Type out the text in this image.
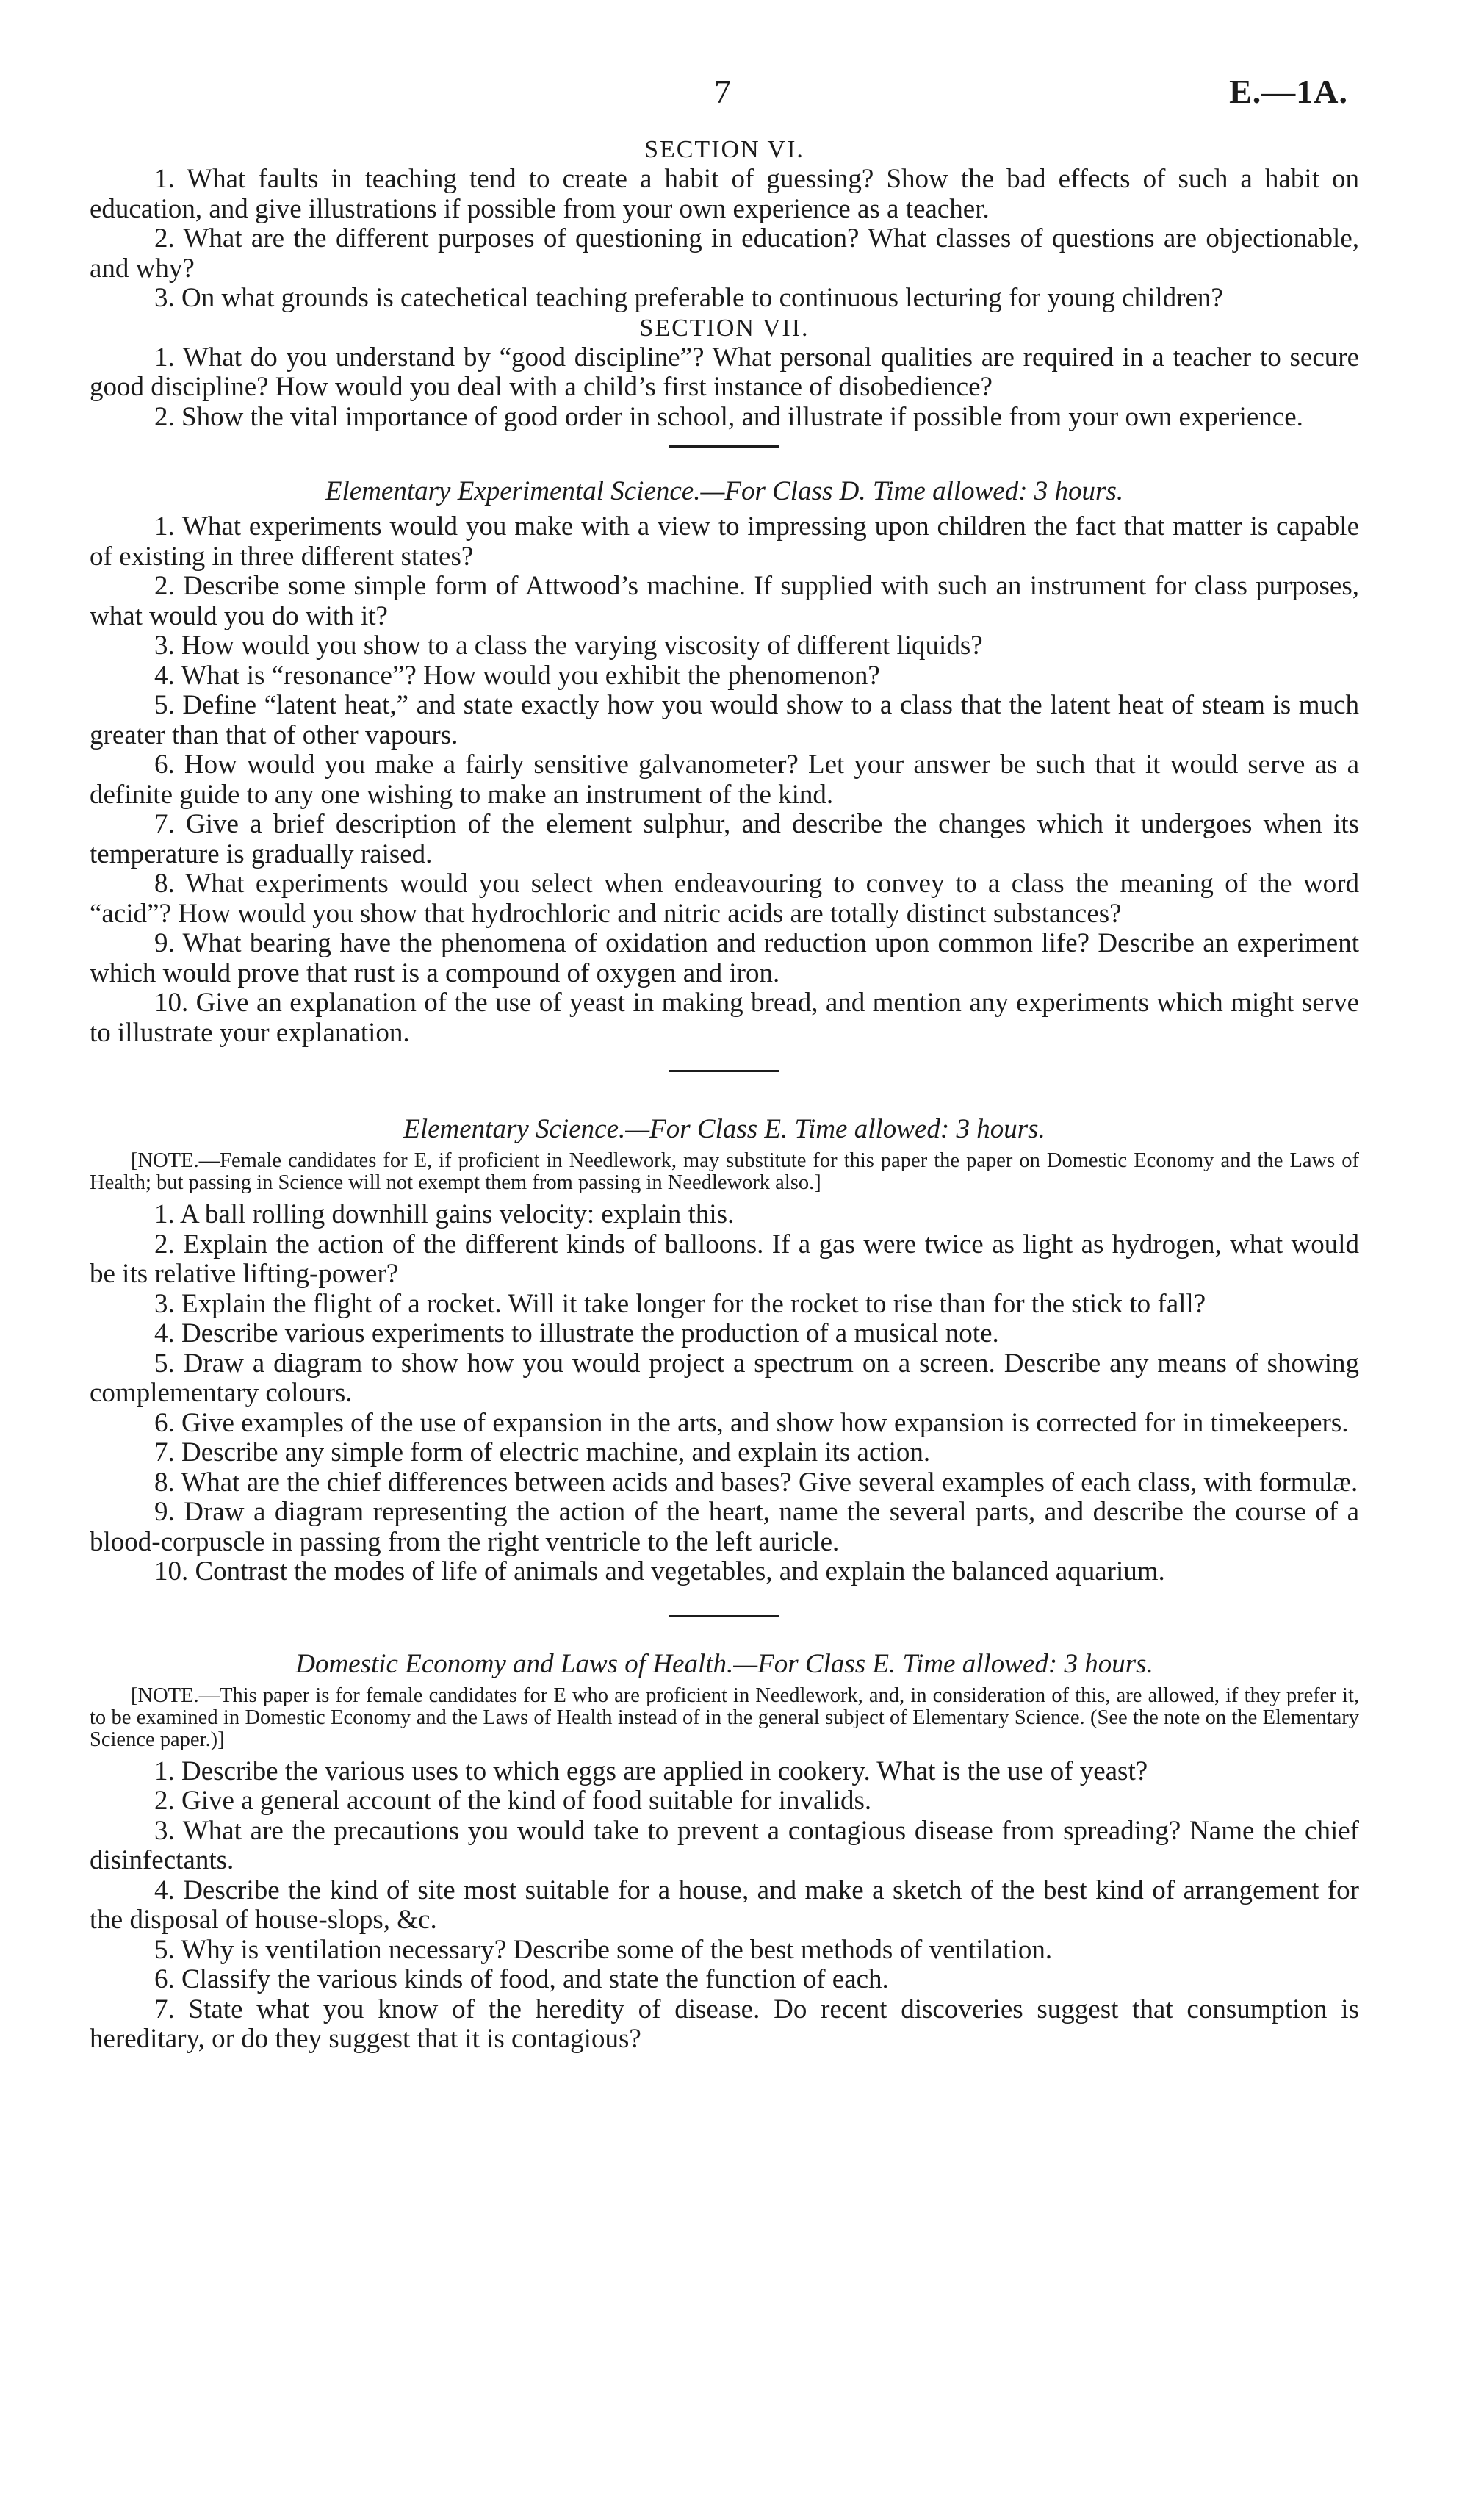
7	E.—1A.

SECTION VI.

1. What faults in teaching tend to create a habit of guessing? Show the bad effects of such a habit on education, and give illustrations if possible from your own experience as a teacher.

2. What are the different purposes of questioning in education? What classes of questions are objectionable, and why?

3. On what grounds is catechetical teaching preferable to continuous lecturing for young children?

SECTION VII.

1. What do you understand by “good discipline”? What personal qualities are required in a teacher to secure good discipline? How would you deal with a child’s first instance of disobedience?

2. Show the vital importance of good order in school, and illustrate if possible from your own experience.

Elementary Experimental Science.—For Class D. Time allowed: 3 hours.

1. What experiments would you make with a view to impressing upon children the fact that matter is capable of existing in three different states?

2. Describe some simple form of Attwood’s machine. If supplied with such an instrument for class purposes, what would you do with it?

3. How would you show to a class the varying viscosity of different liquids?

4. What is “resonance”? How would you exhibit the phenomenon?

5. Define “latent heat,” and state exactly how you would show to a class that the latent heat of steam is much greater than that of other vapours.

6. How would you make a fairly sensitive galvanometer? Let your answer be such that it would serve as a definite guide to any one wishing to make an instrument of the kind.

7. Give a brief description of the element sulphur, and describe the changes which it undergoes when its temperature is gradually raised.

8. What experiments would you select when endeavouring to convey to a class the meaning of the word “acid”? How would you show that hydrochloric and nitric acids are totally distinct substances?

9. What bearing have the phenomena of oxidation and reduction upon common life? Describe an experiment which would prove that rust is a compound of oxygen and iron.

10. Give an explanation of the use of yeast in making bread, and mention any experiments which might serve to illustrate your explanation.

Elementary Science.—For Class E. Time allowed: 3 hours.

[NOTE.—Female candidates for E, if proficient in Needlework, may substitute for this paper the paper on Domestic Economy and the Laws of Health; but passing in Science will not exempt them from passing in Needlework also.]

1. A ball rolling downhill gains velocity: explain this.

2. Explain the action of the different kinds of balloons. If a gas were twice as light as hydrogen, what would be its relative lifting-power?

3. Explain the flight of a rocket. Will it take longer for the rocket to rise than for the stick to fall?

4. Describe various experiments to illustrate the production of a musical note.

5. Draw a diagram to show how you would project a spectrum on a screen. Describe any means of showing complementary colours.

6. Give examples of the use of expansion in the arts, and show how expansion is corrected for in timekeepers.

7. Describe any simple form of electric machine, and explain its action.

8. What are the chief differences between acids and bases? Give several examples of each class, with formulæ.

9. Draw a diagram representing the action of the heart, name the several parts, and describe the course of a blood-corpuscle in passing from the right ventricle to the left auricle.

10. Contrast the modes of life of animals and vegetables, and explain the balanced aquarium.

Domestic Economy and Laws of Health.—For Class E. Time allowed: 3 hours.

[NOTE.—This paper is for female candidates for E who are proficient in Needlework, and, in consideration of this, are allowed, if they prefer it, to be examined in Domestic Economy and the Laws of Health instead of in the general subject of Elementary Science. (See the note on the Elementary Science paper.)]

1. Describe the various uses to which eggs are applied in cookery. What is the use of yeast?

2. Give a general account of the kind of food suitable for invalids.

3. What are the precautions you would take to prevent a contagious disease from spreading? Name the chief disinfectants.

4. Describe the kind of site most suitable for a house, and make a sketch of the best kind of arrangement for the disposal of house-slops, &c.

5. Why is ventilation necessary? Describe some of the best methods of ventilation.

6. Classify the various kinds of food, and state the function of each.

7. State what you know of the heredity of disease. Do recent discoveries suggest that consumption is hereditary, or do they suggest that it is contagious?
